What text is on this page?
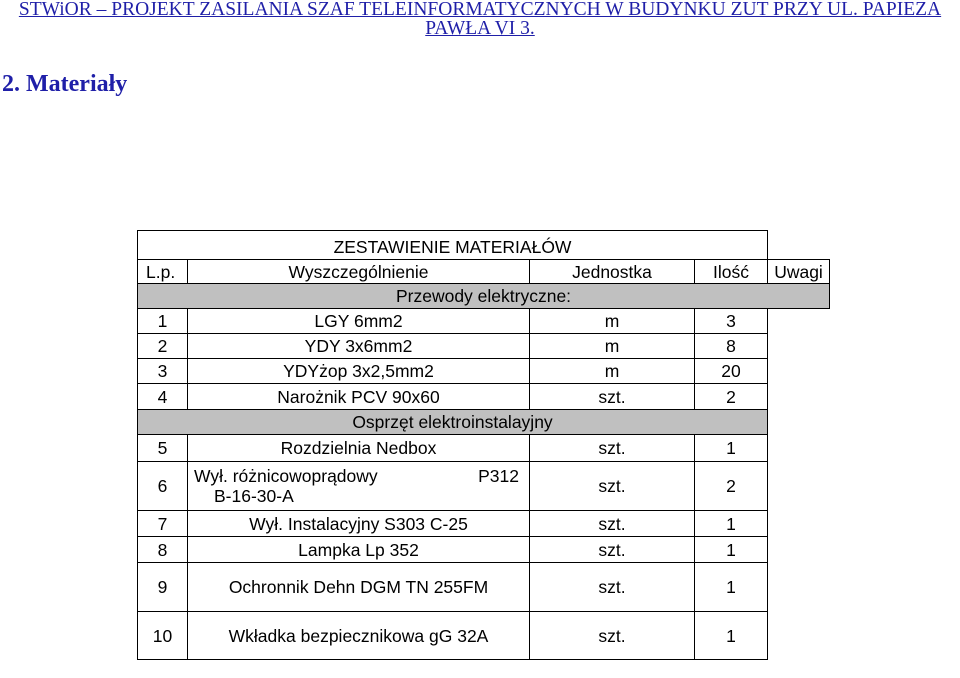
STWiOR – PROJEKT ZASILANIA SZAF TELEINFORMATYCZNYCH W BUDYNKU ZUT PRZY UL. PAPIEZA
PAWŁA VI 3.
2. Materiały
ZESTAWIENIE MATERIAŁÓW				
L.p.	Wyszczególnienie	Jednostka	Ilość	Uwagi
Przewody elektryczne:				
1	LGY 6mm2	m	3	
2	YDY 3x6mm2	m	8	
3	YDYżop 3x2,5mm2	m	20	
4	Narożnik PCV 90x60	szt.	2	
Osprzęt elektroinstalayjny				
5	Rozdzielnia Nedbox	szt.	1	
6	Wył. różnicowoprądowy P312
B-16-30-A	szt.	2	
7	Wył. Instalacyjny S303 C-25	szt.	1	
8	Lampka Lp 352	szt.	1	
9	Ochronnik Dehn DGM TN 255FM	szt.	1	
10	Wkładka bezpiecznikowa gG 32A	szt.	1	
